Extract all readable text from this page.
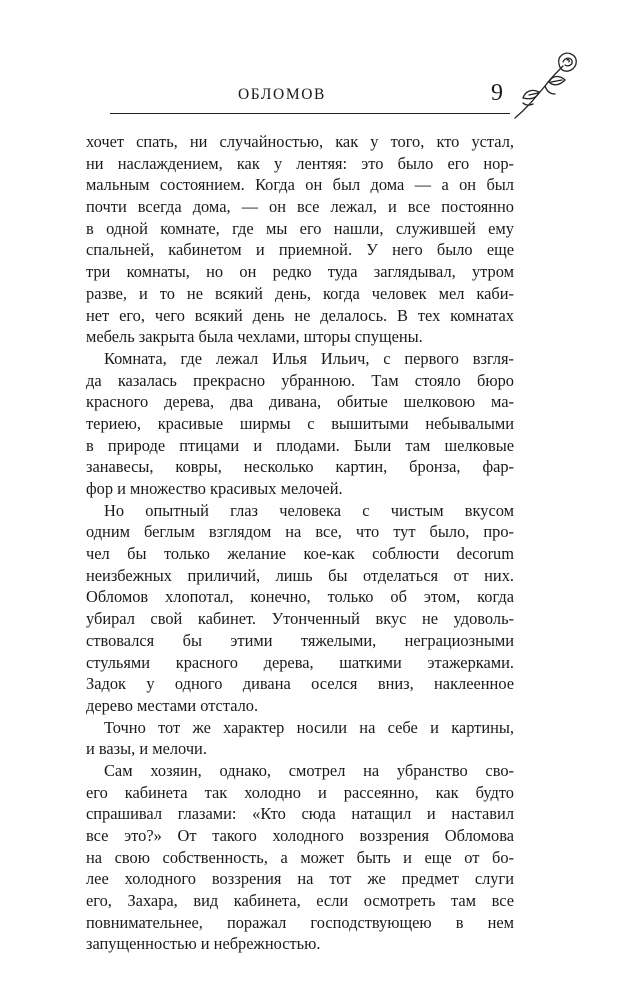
ОБЛОМОВ	9
хочет спать, ни случайностью, как у того, кто устал,
ни наслаждением, как у лентяя: это было его нор-
мальным состоянием. Когда он был дома — а он был
почти всегда дома, — он все лежал, и все постоянно
в одной комнате, где мы его нашли, служившей ему
спальней, кабинетом и приемной. У него было еще
три комнаты, но он редко туда заглядывал, утром
разве, и то не всякий день, когда человек мел каби-
нет его, чего всякий день не делалось. В тех комнатах
мебель закрыта была чехлами, шторы спущены.
Комната, где лежал Илья Ильич, с первого взгля-
да казалась прекрасно убранною. Там стояло бюро
красного дерева, два дивана, обитые шелковою ма-
териею, красивые ширмы с вышитыми небывалыми
в природе птицами и плодами. Были там шелковые
занавесы, ковры, несколько картин, бронза, фар-
фор и множество красивых мелочей.
Но опытный глаз человека с чистым вкусом
одним беглым взглядом на все, что тут было, про-
чел бы только желание кое-как соблюсти decorum
неизбежных приличий, лишь бы отделаться от них.
Обломов хлопотал, конечно, только об этом, когда
убирал свой кабинет. Утонченный вкус не удоволь-
ствовался бы этими тяжелыми, неграциозными
стульями красного дерева, шаткими этажерками.
Задок у одного дивана оселся вниз, наклеенное
дерево местами отстало.
Точно тот же характер носили на себе и картины,
и вазы, и мелочи.
Сам хозяин, однако, смотрел на убранство сво-
его кабинета так холодно и рассеянно, как будто
спрашивал глазами: «Кто сюда натащил и наставил
все это?» От такого холодного воззрения Обломова
на свою собственность, а может быть и еще от бо-
лее холодного воззрения на тот же предмет слуги
его, Захара, вид кабинета, если осмотреть там все
повнимательнее, поражал господствующею в нем
запущенностью и небрежностью.
